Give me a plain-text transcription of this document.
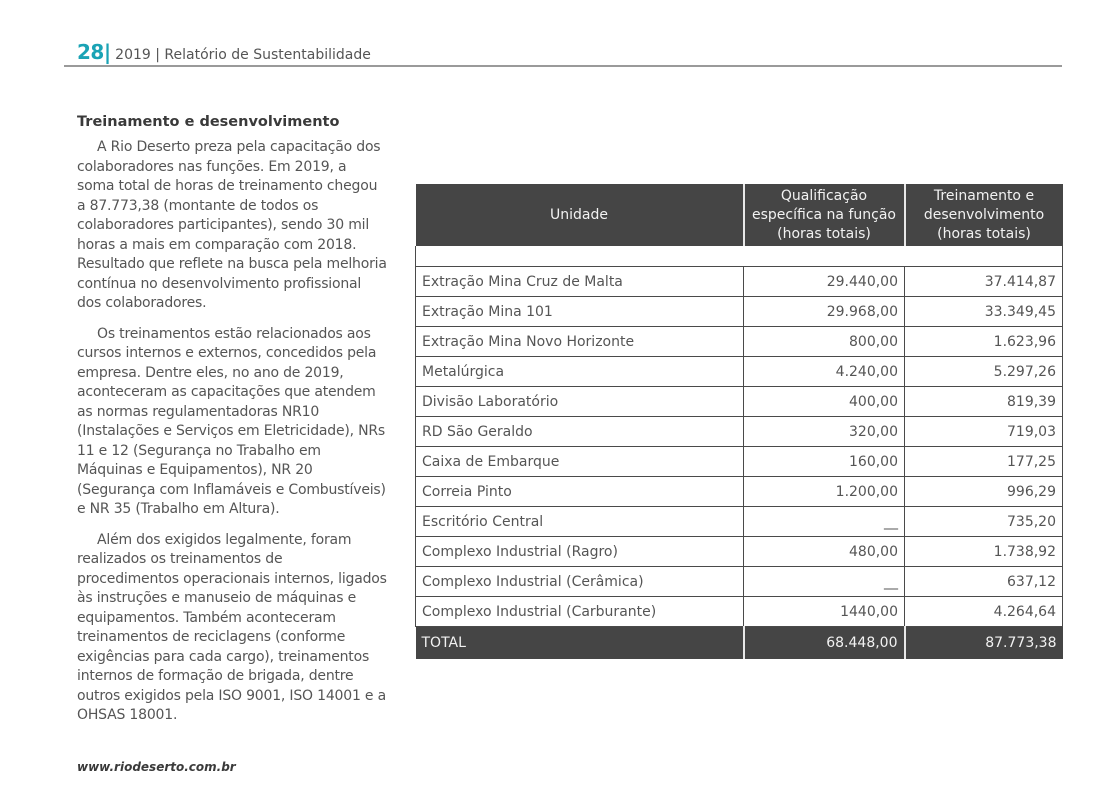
28 | 2019 | Relatório de Sustentabilidade
Treinamento e desenvolvimento

A Rio Deserto preza pela capacitação dos colaboradores nas funções. Em 2019, a soma total de horas de treinamento chegou a 87.773,38 (montante de todos os colaboradores participantes), sendo 30 mil horas a mais em comparação com 2018. Resultado que reflete na busca pela melhoria contínua no desenvolvimento profissional dos colaboradores.

Os treinamentos estão relacionados aos cursos internos e externos, concedidos pela empresa. Dentre eles, no ano de 2019, aconteceram as capacitações que atendem as normas regulamentadoras NR10 (Instalações e Serviços em Eletricidade), NRs 11 e 12 (Segurança no Trabalho em Máquinas e Equipamentos), NR 20 (Segurança com Inflamáveis e Combustíveis) e NR 35 (Trabalho em Altura).

Além dos exigidos legalmente, foram realizados os treinamentos de procedimentos operacionais internos, ligados às instruções e manuseio de máquinas e equipamentos. Também aconteceram treinamentos de reciclagens (conforme exigências para cada cargo), treinamentos internos de formação de brigada, dentre outros exigidos pela ISO 9001, ISO 14001 e a OHSAS 18001.

Unidade	Qualificação específica na função (horas totais)	Treinamento e desenvolvimento (horas totais)

Extração Mina Cruz de Malta	29.440,00	37.414,87
Extração Mina 101	29.968,00	33.349,45
Extração Mina Novo Horizonte	800,00	1.623,96
Metalúrgica	4.240,00	5.297,26
Divisão Laboratório	400,00	819,39
RD São Geraldo	320,00	719,03
Caixa de Embarque	160,00	177,25
Correia Pinto	1.200,00	996,29
Escritório Central	__	735,20
Complexo Industrial (Ragro)	480,00	1.738,92
Complexo Industrial (Cerâmica)	__	637,12
Complexo Industrial (Carburante)	1440,00	4.264,64
TOTAL	68.448,00	87.773,38
www.riodeserto.com.br
